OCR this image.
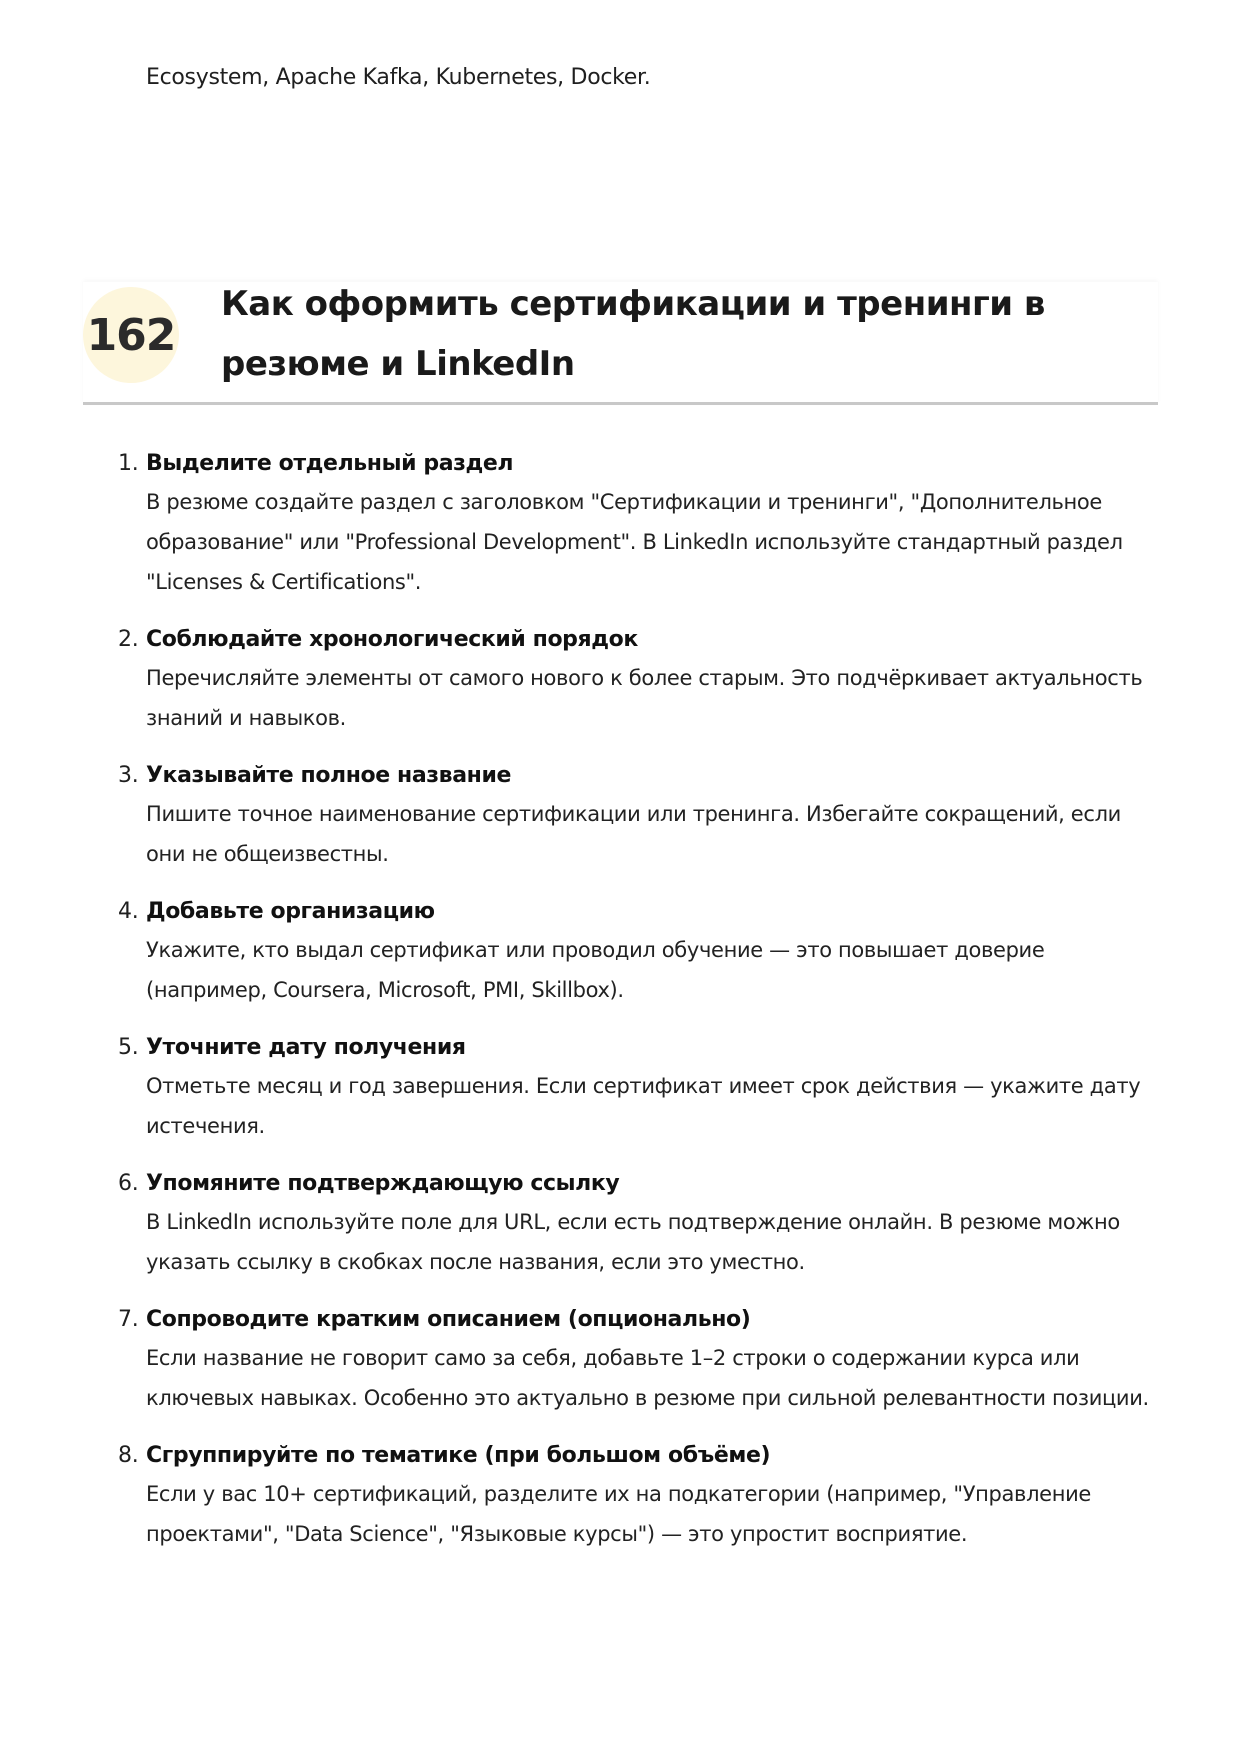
Ecosystem, Apache Kafka, Kubernetes, Docker.
162
Как оформить сертификации и тренинги в резюме и LinkedIn
1. Выделите отдельный раздел
В резюме создайте раздел с заголовком "Сертификации и тренинги", "Дополнительное образование" или "Professional Development". В LinkedIn используйте стандартный раздел "Licenses & Certifications".
2. Соблюдайте хронологический порядок
Перечисляйте элементы от самого нового к более старым. Это подчёркивает актуальность знаний и навыков.
3. Указывайте полное название
Пишите точное наименование сертификации или тренинга. Избегайте сокращений, если они не общеизвестны.
4. Добавьте организацию
Укажите, кто выдал сертификат или проводил обучение — это повышает доверие (например, Coursera, Microsoft, PMI, Skillbox).
5. Уточните дату получения
Отметьте месяц и год завершения. Если сертификат имеет срок действия — укажите дату истечения.
6. Упомяните подтверждающую ссылку
В LinkedIn используйте поле для URL, если есть подтверждение онлайн. В резюме можно указать ссылку в скобках после названия, если это уместно.
7. Сопроводите кратким описанием (опционально)
Если название не говорит само за себя, добавьте 1–2 строки о содержании курса или ключевых навыках. Особенно это актуально в резюме при сильной релевантности позиции.
8. Сгруппируйте по тематике (при большом объёме)
Если у вас 10+ сертификаций, разделите их на подкатегории (например, "Управление проектами", "Data Science", "Языковые курсы") — это упростит восприятие.
